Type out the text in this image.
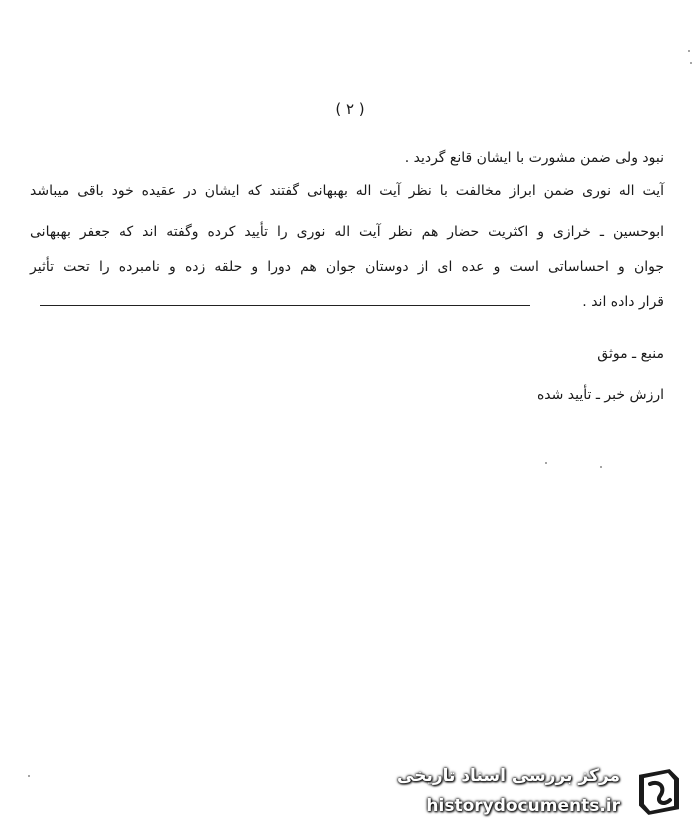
( ۲ )
نبود ولی ضمن مشورت با ایشان قانع گردید .
آیت اله نوری ضمن ابراز مخالفت با نظر آیت اله بهبهانی گفتند که ایشان در عقیده خود باقی میباشد
ابوحسین ـ خرازی و اکثریت حضار هم نظر آیت اله نوری را تأیید کرده وگفته اند که جعفر بهبهانی
جوان و احساساتی است و عده ای از دوستان جوان هم دورا و حلقه زده و نامبرده را تحت تأثیر
قرار داده اند .
منبع ـ موثق
ارزش خبر ـ تأیید شده
مرکز بررسی اسناد تاریخی
historydocuments.ir
